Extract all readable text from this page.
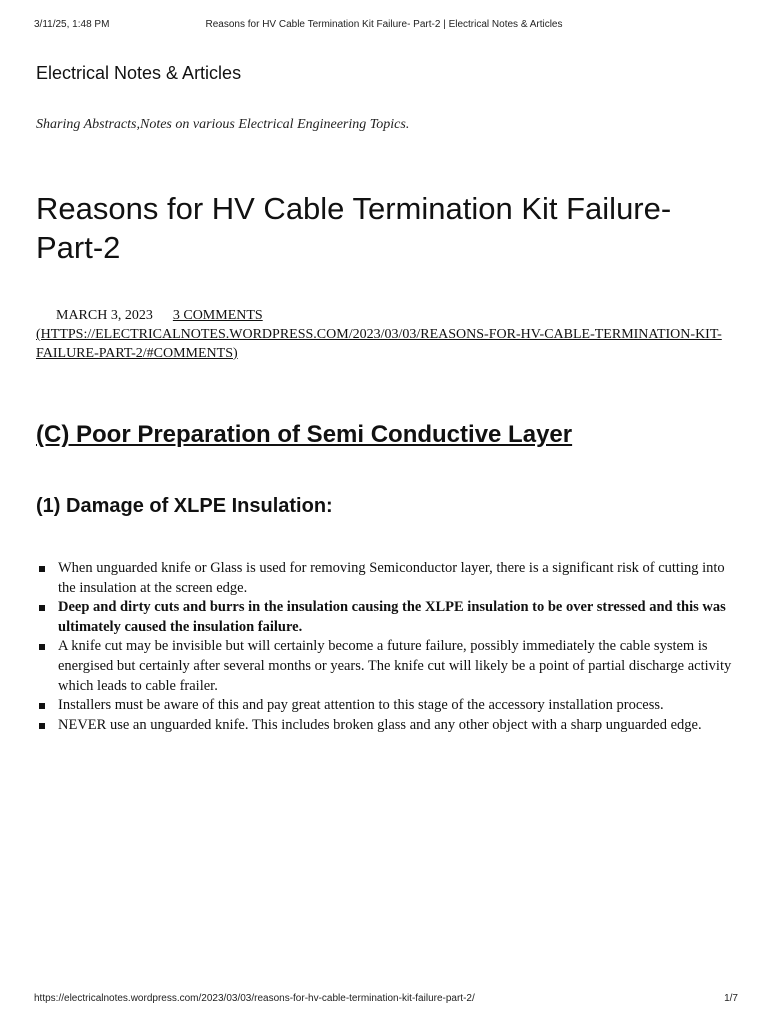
3/11/25, 1:48 PM	Reasons for HV Cable Termination Kit Failure- Part-2 | Electrical Notes & Articles
Electrical Notes & Articles
Sharing Abstracts,Notes on various Electrical Engineering Topics.
Reasons for HV Cable Termination Kit Failure- Part-2
MARCH 3, 2023 3 COMMENTS
(HTTPS://ELECTRICALNOTES.WORDPRESS.COM/2023/03/03/REASONS-FOR-HV-CABLE-TERMINATION-KIT-FAILURE-PART-2/#COMMENTS)
(C) Poor Preparation of Semi Conductive Layer
(1) Damage of XLPE Insulation:
When unguarded knife or Glass is used for removing Semiconductor layer, there is a significant risk of cutting into the insulation at the screen edge.
Deep and dirty cuts and burrs in the insulation causing the XLPE insulation to be over stressed and this was ultimately caused the insulation failure.
A knife cut may be invisible but will certainly become a future failure, possibly immediately the cable system is energised but certainly after several months or years. The knife cut will likely be a point of partial discharge activity which leads to cable frailer.
Installers must be aware of this and pay great attention to this stage of the accessory installation process.
NEVER use an unguarded knife. This includes broken glass and any other object with a sharp unguarded edge.
https://electricalnotes.wordpress.com/2023/03/03/reasons-for-hv-cable-termination-kit-failure-part-2/	1/7
